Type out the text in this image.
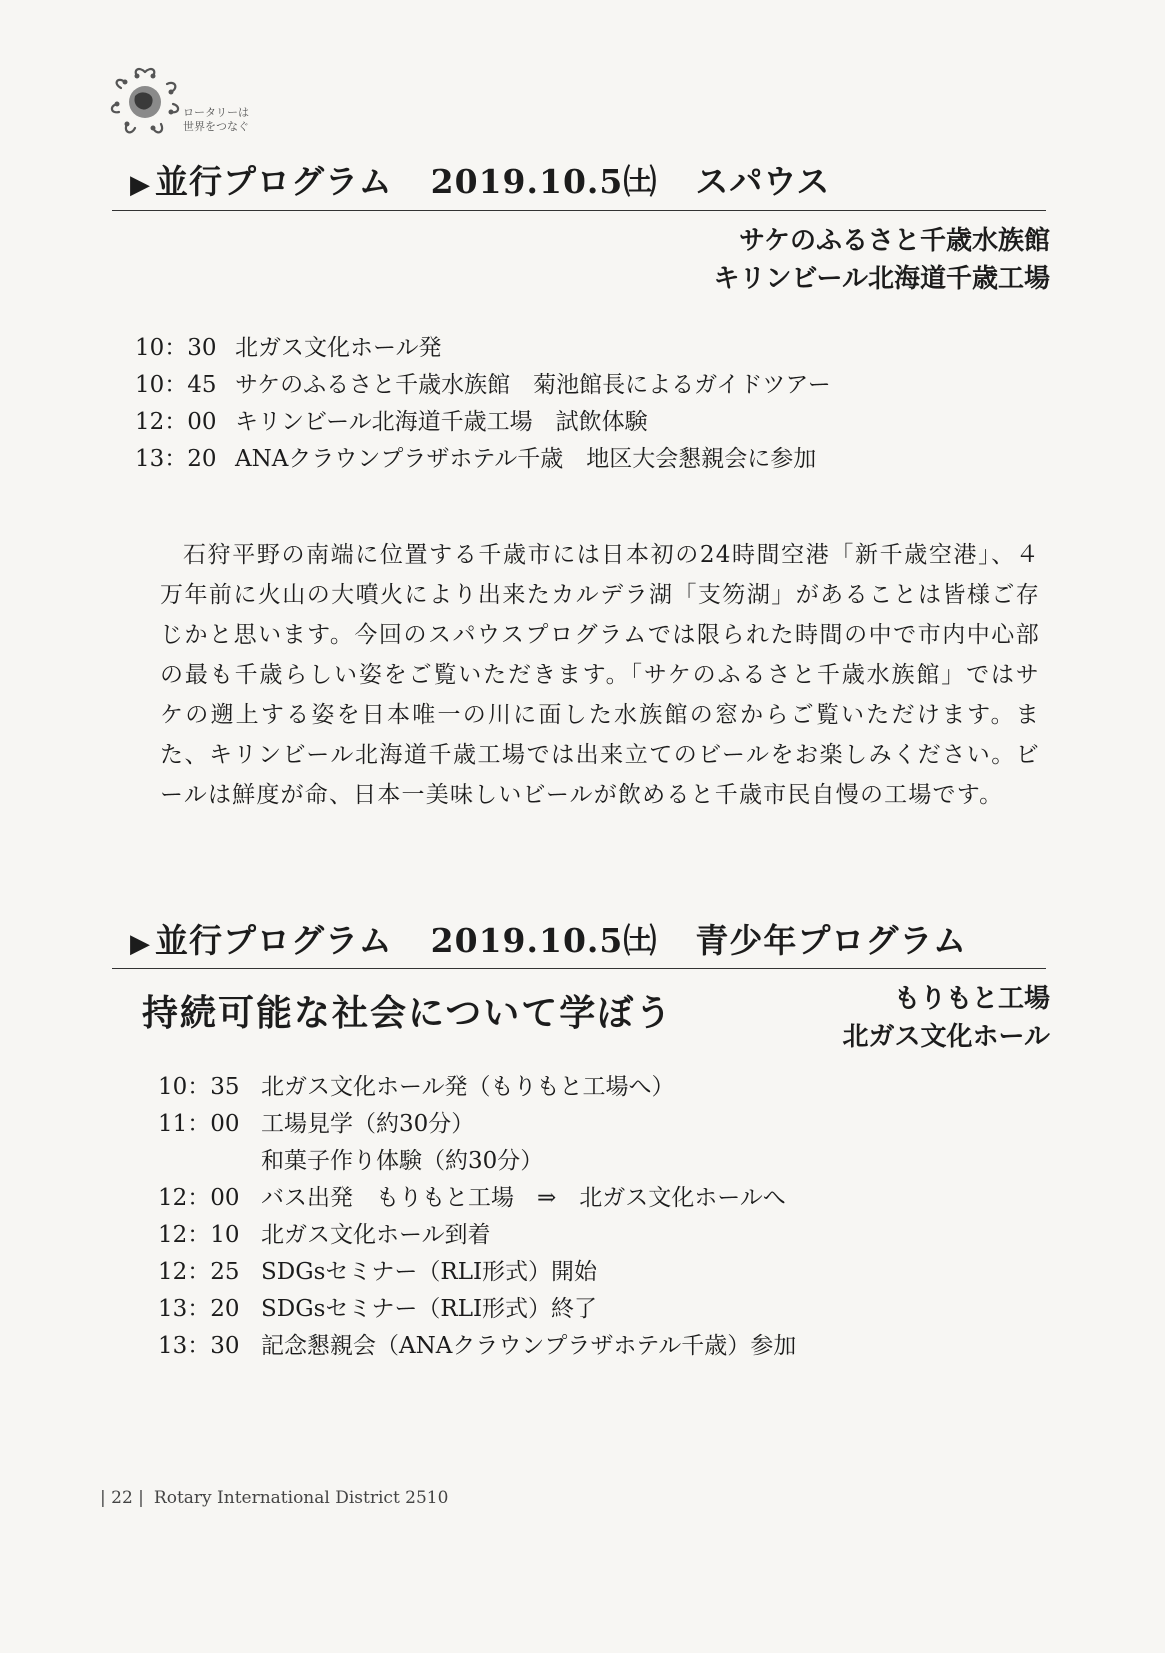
ロータリーは
世界をつなぐ
▶ 並行プログラム 2019.10.5㈯ スパウス
サケのふるさと千歳水族館
キリンビール北海道千歳工場
10：30 北ガス文化ホール発
10：45 サケのふるさと千歳水族館　菊池館長によるガイドツアー
12：00 キリンビール北海道千歳工場　試飲体験
13：20 ANAクラウンプラザホテル千歳　地区大会懇親会に参加

石狩平野の南端に位置する千歳市には日本初の24時間空港「新千歳空港」、４万年前に火山の大噴火により出来たカルデラ湖「支笏湖」があることは皆様ご存じかと思います。今回のスパウスプログラムでは限られた時間の中で市内中心部の最も千歳らしい姿をご覧いただきます。「サケのふるさと千歳水族館」ではサケの遡上する姿を日本唯一の川に面した水族館の窓からご覧いただけます。また、キリンビール北海道千歳工場では出来立てのビールをお楽しみください。ビールは鮮度が命、日本一美味しいビールが飲めると千歳市民自慢の工場です。

▶ 並行プログラム 2019.10.5㈯ 青少年プログラム
持続可能な社会について学ぼう	もりもと工場
北ガス文化ホール
10：35 北ガス文化ホール発（もりもと工場へ）
11：00 工場見学（約30分）
和菓子作り体験（約30分）
12：00 バス出発　もりもと工場　⇒　北ガス文化ホールへ
12：10 北ガス文化ホール到着
12：25 SDGsセミナー（RLI形式）開始
13：20 SDGsセミナー（RLI形式）終了
13：30 記念懇親会（ANAクラウンプラザホテル千歳）参加
| 22 | Rotary International District 2510
